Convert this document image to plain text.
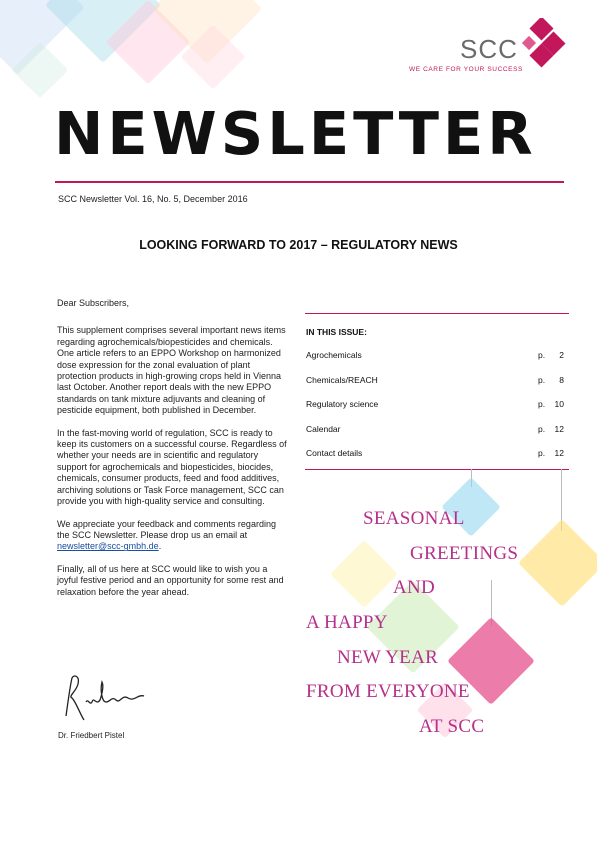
SCC
WE CARE FOR YOUR SUCCESS
NEWSLETTER
SCC Newsletter Vol. 16, No. 5, December 2016
LOOKING FORWARD TO 2017 – REGULATORY NEWS

Dear Subscribers,

This supplement comprises several important news items regarding agrochemicals/biopesticides and chemicals. One article refers to an EPPO Workshop on harmonized dose expression for the zonal evaluation of plant protection products in high-growing crops held in Vienna last October. Another report deals with the new EPPO standards on tank mixture adjuvants and cleaning of pesticide equipment, both published in December.

In the fast-moving world of regulation, SCC is ready to keep its customers on a successful course. Regardless of whether your needs are in scientific and regulatory support for agrochemicals and biopesticides, biocides, chemicals, consumer products, feed and food additives, archiving solutions or Task Force management, SCC can provide you with high-quality service and consulting.

We appreciate your feedback and comments regarding the SCC Newsletter. Please drop us an email at newsletter@scc-gmbh.de.

Finally, all of us here at SCC would like to wish you a joyful festive period and an opportunity for some rest and relaxation before the year ahead.

Dr. Friedbert Pistel
IN THIS ISSUE:
Agrochemicals	p. 2
Chemicals/REACH	p. 8
Regulatory science	p. 10
Calendar	p. 12
Contact details	p. 12
SEASONAL
GREETINGS
AND
A HAPPY
NEW YEAR
FROM EVERYONE
AT SCC
